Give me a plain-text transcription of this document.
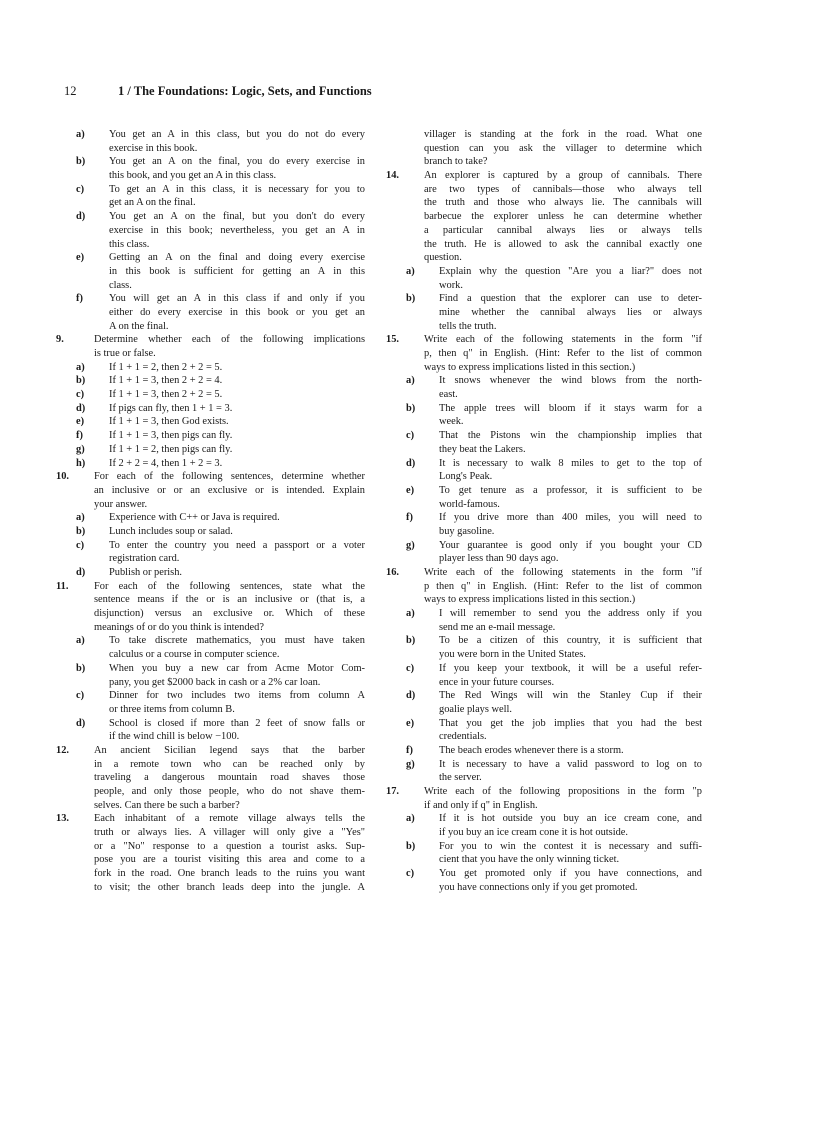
12	1 / The Foundations: Logic, Sets, and Functions
a) You get an A in this class, but you do not do every
exercise in this book.
b) You get an A on the final, you do every exercise in
this book, and you get an A in this class.
c) To get an A in this class, it is necessary for you to
get an A on the final.
d) You get an A on the final, but you don't do every
exercise in this book; nevertheless, you get an A in
this class.
e) Getting an A on the final and doing every exercise
in this book is sufficient for getting an A in this
class.
f)	You will get an A in this class if and only if you
either do every exercise in this book or you get an
A on the final.
9.	Determine whether each of the following implications
is true or false.
a) If 1 + 1 = 2, then 2 + 2 = 5.
b) If 1 + 1 = 3, then 2 + 2 = 4.
c) If 1 + 1 = 3, then 2 + 2 = 5.
d) If pigs can fly, then 1 + 1 = 3.
e) If 1 + 1 = 3, then God exists.
f)	If 1 + 1 = 3, then pigs can fly.
g) If 1 + 1 = 2, then pigs can fly.
h) If 2 + 2 = 4, then 1 + 2 = 3.
10. For each of the following sentences, determine whether
an inclusive or or an exclusive or is intended. Explain
your answer.
a) Experience with C++ or Java is required.
b) Lunch includes soup or salad.
c) To enter the country you need a passport or a voter
registration card.
d) Publish or perish.
11. For each of the following sentences, state what the
sentence means if the or is an inclusive or (that is, a
disjunction) versus an exclusive or. Which of these
meanings of or do you think is intended?
a) To take discrete mathematics, you must have taken
calculus or a course in computer science.
b) When you buy a new car from Acme Motor Com-
pany, you get $2000 back in cash or a 2% car loan.
c) Dinner for two includes two items from column A
or three items from column B.
d) School is closed if more than 2 feet of snow falls or
if the wind chill is below −100.
12. An ancient Sicilian legend says that the barber
in a remote town who can be reached only by
traveling a dangerous mountain road shaves those
people, and only those people, who do not shave them-
selves. Can there be such a barber?
13. Each inhabitant of a remote village always tells the
truth or always lies. A villager will only give a "Yes"
or a "No" response to a question a tourist asks. Sup-
pose you are a tourist visiting this area and come to a
fork in the road. One branch leads to the ruins you want
to visit; the other branch leads deep into the jungle. A
villager is standing at the fork in the road. What one
question can you ask the villager to determine which
branch to take?
14. An explorer is captured by a group of cannibals. There
are two types of cannibals—those who always tell
the truth and those who always lie. The cannibals will
barbecue the explorer unless he can determine whether
a particular cannibal always lies or always tells
the truth. He is allowed to ask the cannibal exactly one
question.
a) Explain why the question "Are you a liar?" does not
work.
b) Find a question that the explorer can use to deter-
mine whether the cannibal always lies or always
tells the truth.
15. Write each of the following statements in the form "if
p, then q" in English. (Hint: Refer to the list of common
ways to express implications listed in this section.)
a) It snows whenever the wind blows from the north-
east.
b) The apple trees will bloom if it stays warm for a
week.
c) That the Pistons win the championship implies that
they beat the Lakers.
d) It is necessary to walk 8 miles to get to the top of
Long's Peak.
e) To get tenure as a professor, it is sufficient to be
world-famous.
f)	If you drive more than 400 miles, you will need to
buy gasoline.
g) Your guarantee is good only if you bought your CD
player less than 90 days ago.
16. Write each of the following statements in the form "if
p then q" in English. (Hint: Refer to the list of common
ways to express implications listed in this section.)
a) I will remember to send you the address only if you
send me an e-mail message.
b) To be a citizen of this country, it is sufficient that
you were born in the United States.
c) If you keep your textbook, it will be a useful refer-
ence in your future courses.
d) The Red Wings will win the Stanley Cup if their
goalie plays well.
e) That you get the job implies that you had the best
credentials.
f)	The beach erodes whenever there is a storm.
g) It is necessary to have a valid password to log on to
the server.
17. Write each of the following propositions in the form "p
if and only if q" in English.
a) If it is hot outside you buy an ice cream cone, and
if you buy an ice cream cone it is hot outside.
b) For you to win the contest it is necessary and suffi-
cient that you have the only winning ticket.
c) You get promoted only if you have connections, and
you have connections only if you get promoted.
